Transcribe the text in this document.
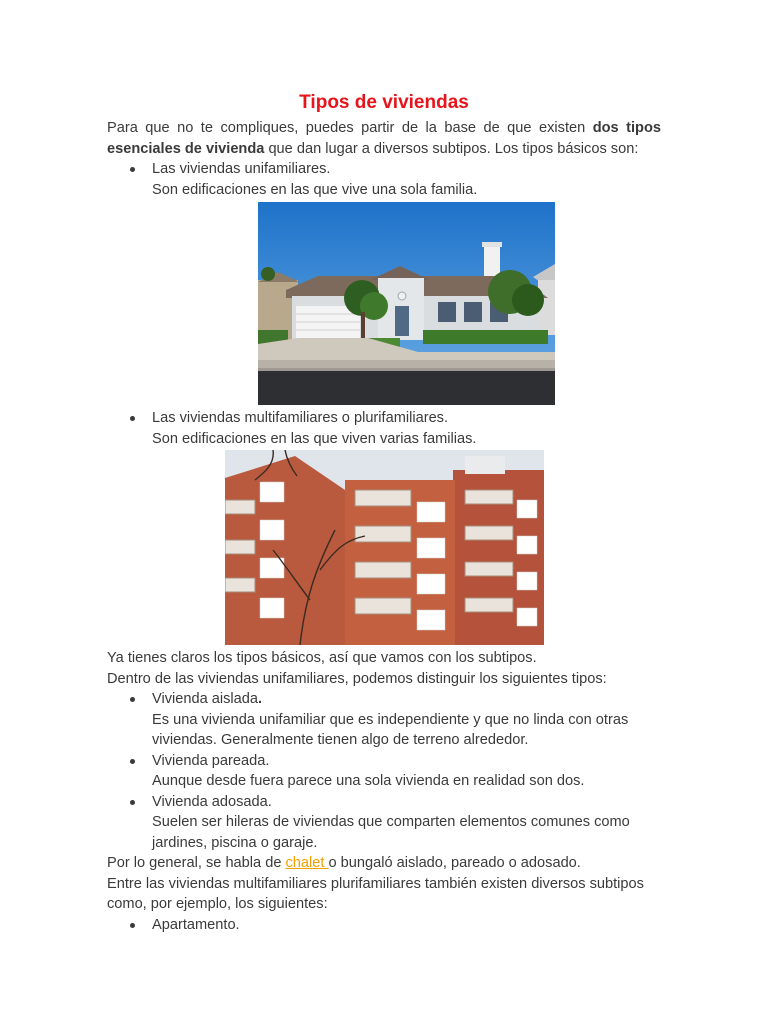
Tipos de viviendas

Para que no te compliques, puedes partir de la base de que existen dos tipos esenciales de vivienda que dan lugar a diversos subtipos. Los tipos básicos son:

Las viviendas unifamiliares.
Son edificaciones en las que vive una sola familia.
Las viviendas multifamiliares o plurifamiliares.
Son edificaciones en las que viven varias familias.

Ya tienes claros los tipos básicos, así que vamos con los subtipos.

Dentro de las viviendas unifamiliares, podemos distinguir los siguientes tipos:

Vivienda aislada.
Es una vivienda unifamiliar que es independiente y que no linda con otras viviendas. Generalmente tienen algo de terreno alrededor.
Vivienda pareada.
Aunque desde fuera parece una sola vivienda en realidad son dos.
Vivienda adosada.
Suelen ser hileras de viviendas que comparten elementos comunes como jardines, piscina o garaje.

Por lo general, se habla de chalet o bungaló aislado, pareado o adosado.

Entre las viviendas multifamiliares plurifamiliares también existen diversos subtipos como, por ejemplo, los siguientes:

Apartamento.
